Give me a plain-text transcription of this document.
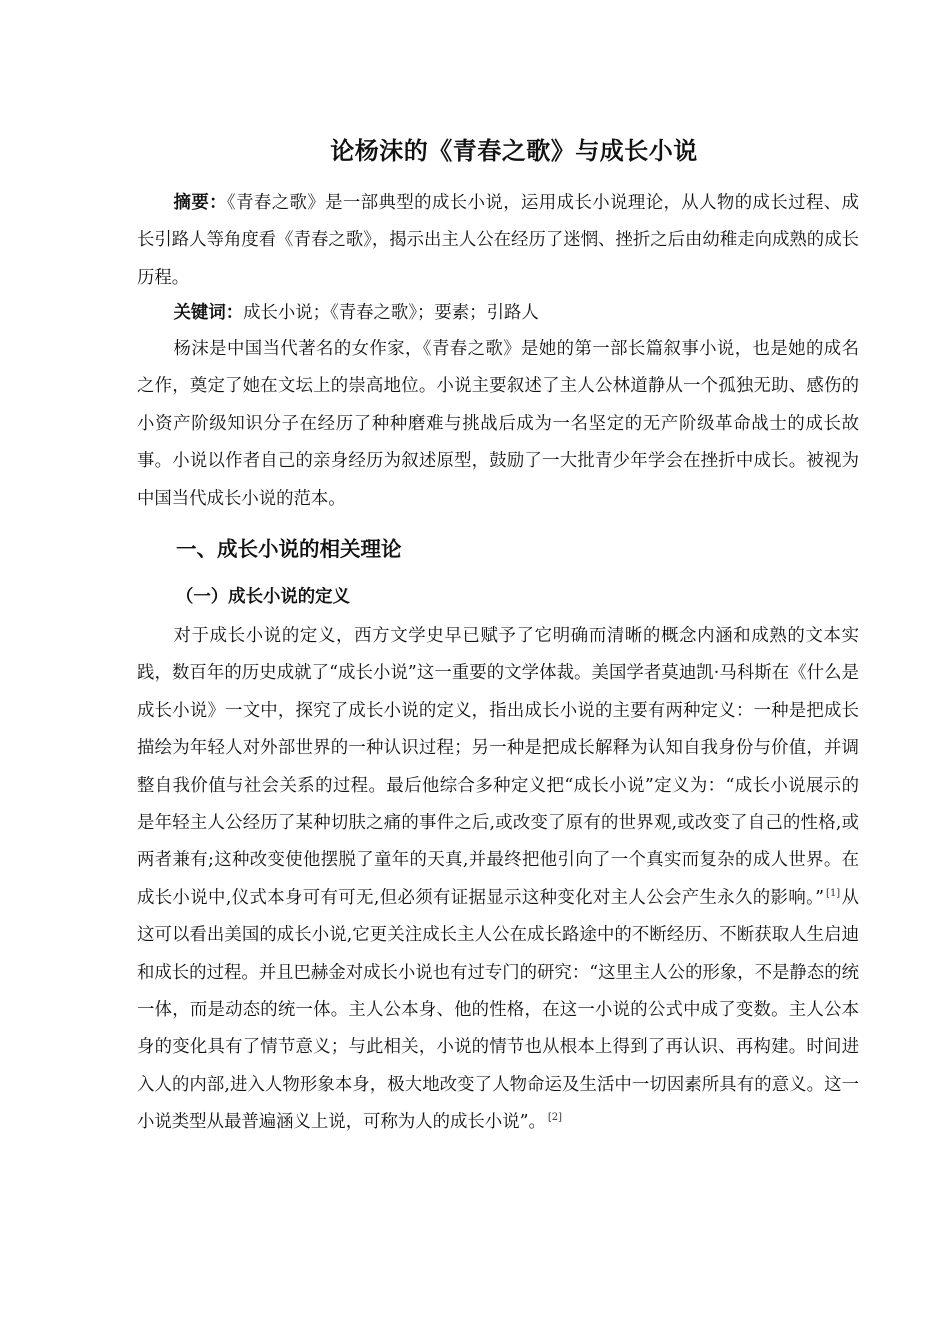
论杨沫的《青春之歌》与成长小说
摘要：《青春之歌》是一部典型的成长小说，运用成长小说理论，从人物的成长过程、成长引路人等角度看《青春之歌》，揭示出主人公在经历了迷惘、挫折之后由幼稚走向成熟的成长历程。
关键词：成长小说；《青春之歌》；要素；引路人
杨沫是中国当代著名的女作家，《青春之歌》是她的第一部长篇叙事小说，也是她的成名之作，奠定了她在文坛上的崇高地位。小说主要叙述了主人公林道静从一个孤独无助、感伤的小资产阶级知识分子在经历了种种磨难与挑战后成为一名坚定的无产阶级革命战士的成长故事。小说以作者自己的亲身经历为叙述原型，鼓励了一大批青少年学会在挫折中成长。被视为中国当代成长小说的范本。
一、成长小说的相关理论
（一）成长小说的定义
对于成长小说的定义，西方文学史早已赋予了它明确而清晰的概念内涵和成熟的文本实践，数百年的历史成就了“成长小说”这一重要的文学体裁。美国学者莫迪凯·马科斯在《什么是成长小说》一文中，探究了成长小说的定义，指出成长小说的主要有两种定义：一种是把成长描绘为年轻人对外部世界的一种认识过程；另一种是把成长解释为认知自我身份与价值，并调整自我价值与社会关系的过程。最后他综合多种定义把“成长小说”定义为：“成长小说展示的是年轻主人公经历了某种切肤之痛的事件之后,或改变了原有的世界观,或改变了自己的性格,或两者兼有;这种改变使他摆脱了童年的天真,并最终把他引向了一个真实而复杂的成人世界。在成长小说中,仪式本身可有可无,但必须有证据显示这种变化对主人公会产生永久的影响。” [1]从这可以看出美国的成长小说,它更关注成长主人公在成长路途中的不断经历、不断获取人生启迪和成长的过程。并且巴赫金对成长小说也有过专门的研究：“这里主人公的形象，不是静态的统一体，而是动态的统一体。主人公本身、他的性格，在这一小说的公式中成了变数。主人公本身的变化具有了情节意义；与此相关，小说的情节也从根本上得到了再认识、再构建。时间进入人的内部,进入人物形象本身，极大地改变了人物命运及生活中一切因素所具有的意义。这一小说类型从最普遍涵义上说，可称为人的成长小说”。 [2]
